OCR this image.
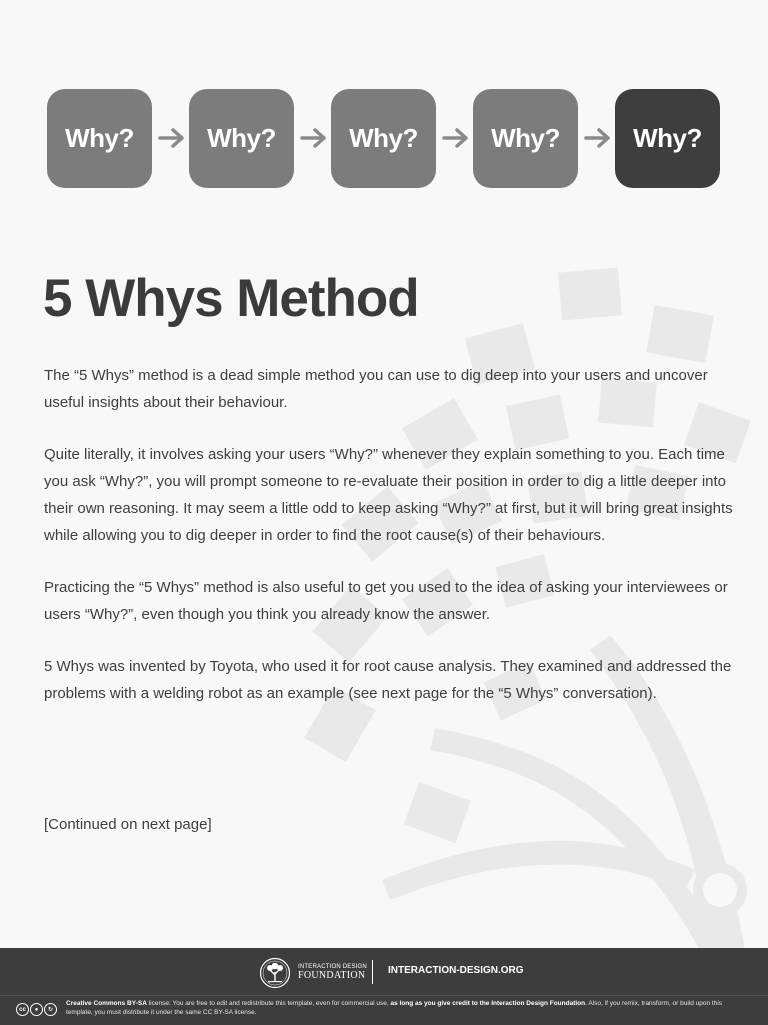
Why?	Why?	Why?	Why?	Why?
5 Whys Method

The “5 Whys” method is a dead simple method you can use to dig deep into your users and uncover useful insights about their behaviour.

Quite literally, it involves asking your users “Why?” whenever they explain something to you. Each time you ask “Why?”, you will prompt someone to re-evaluate their position in order to dig a little deeper into their own reasoning. It may seem a little odd to keep asking “Why?” at first, but it will bring great insights while allowing you to dig deeper in order to find the root cause(s) of their behaviours.

Practicing the “5 Whys” method is also useful to get you used to the idea of asking your interviewees or users “Why?”, even though you think you already know the answer.

5 Whys was invented by Toyota, who used it for root cause analysis. They examined and addressed the problems with a welding robot as an example (see next page for the “5 Whys” conversation).

[Continued on next page]

INTERACTION DESIGN
FOUNDATION INTERACTION-DESIGN.ORG
cc	●	↻
Creative Commons BY-SA license: You are free to edit and redistribute this template, even for commercial use, as long as you give credit to the Interaction Design Foundation. Also, if you remix, transform, or build upon this template, you must distribute it under the same CC BY-SA license.
